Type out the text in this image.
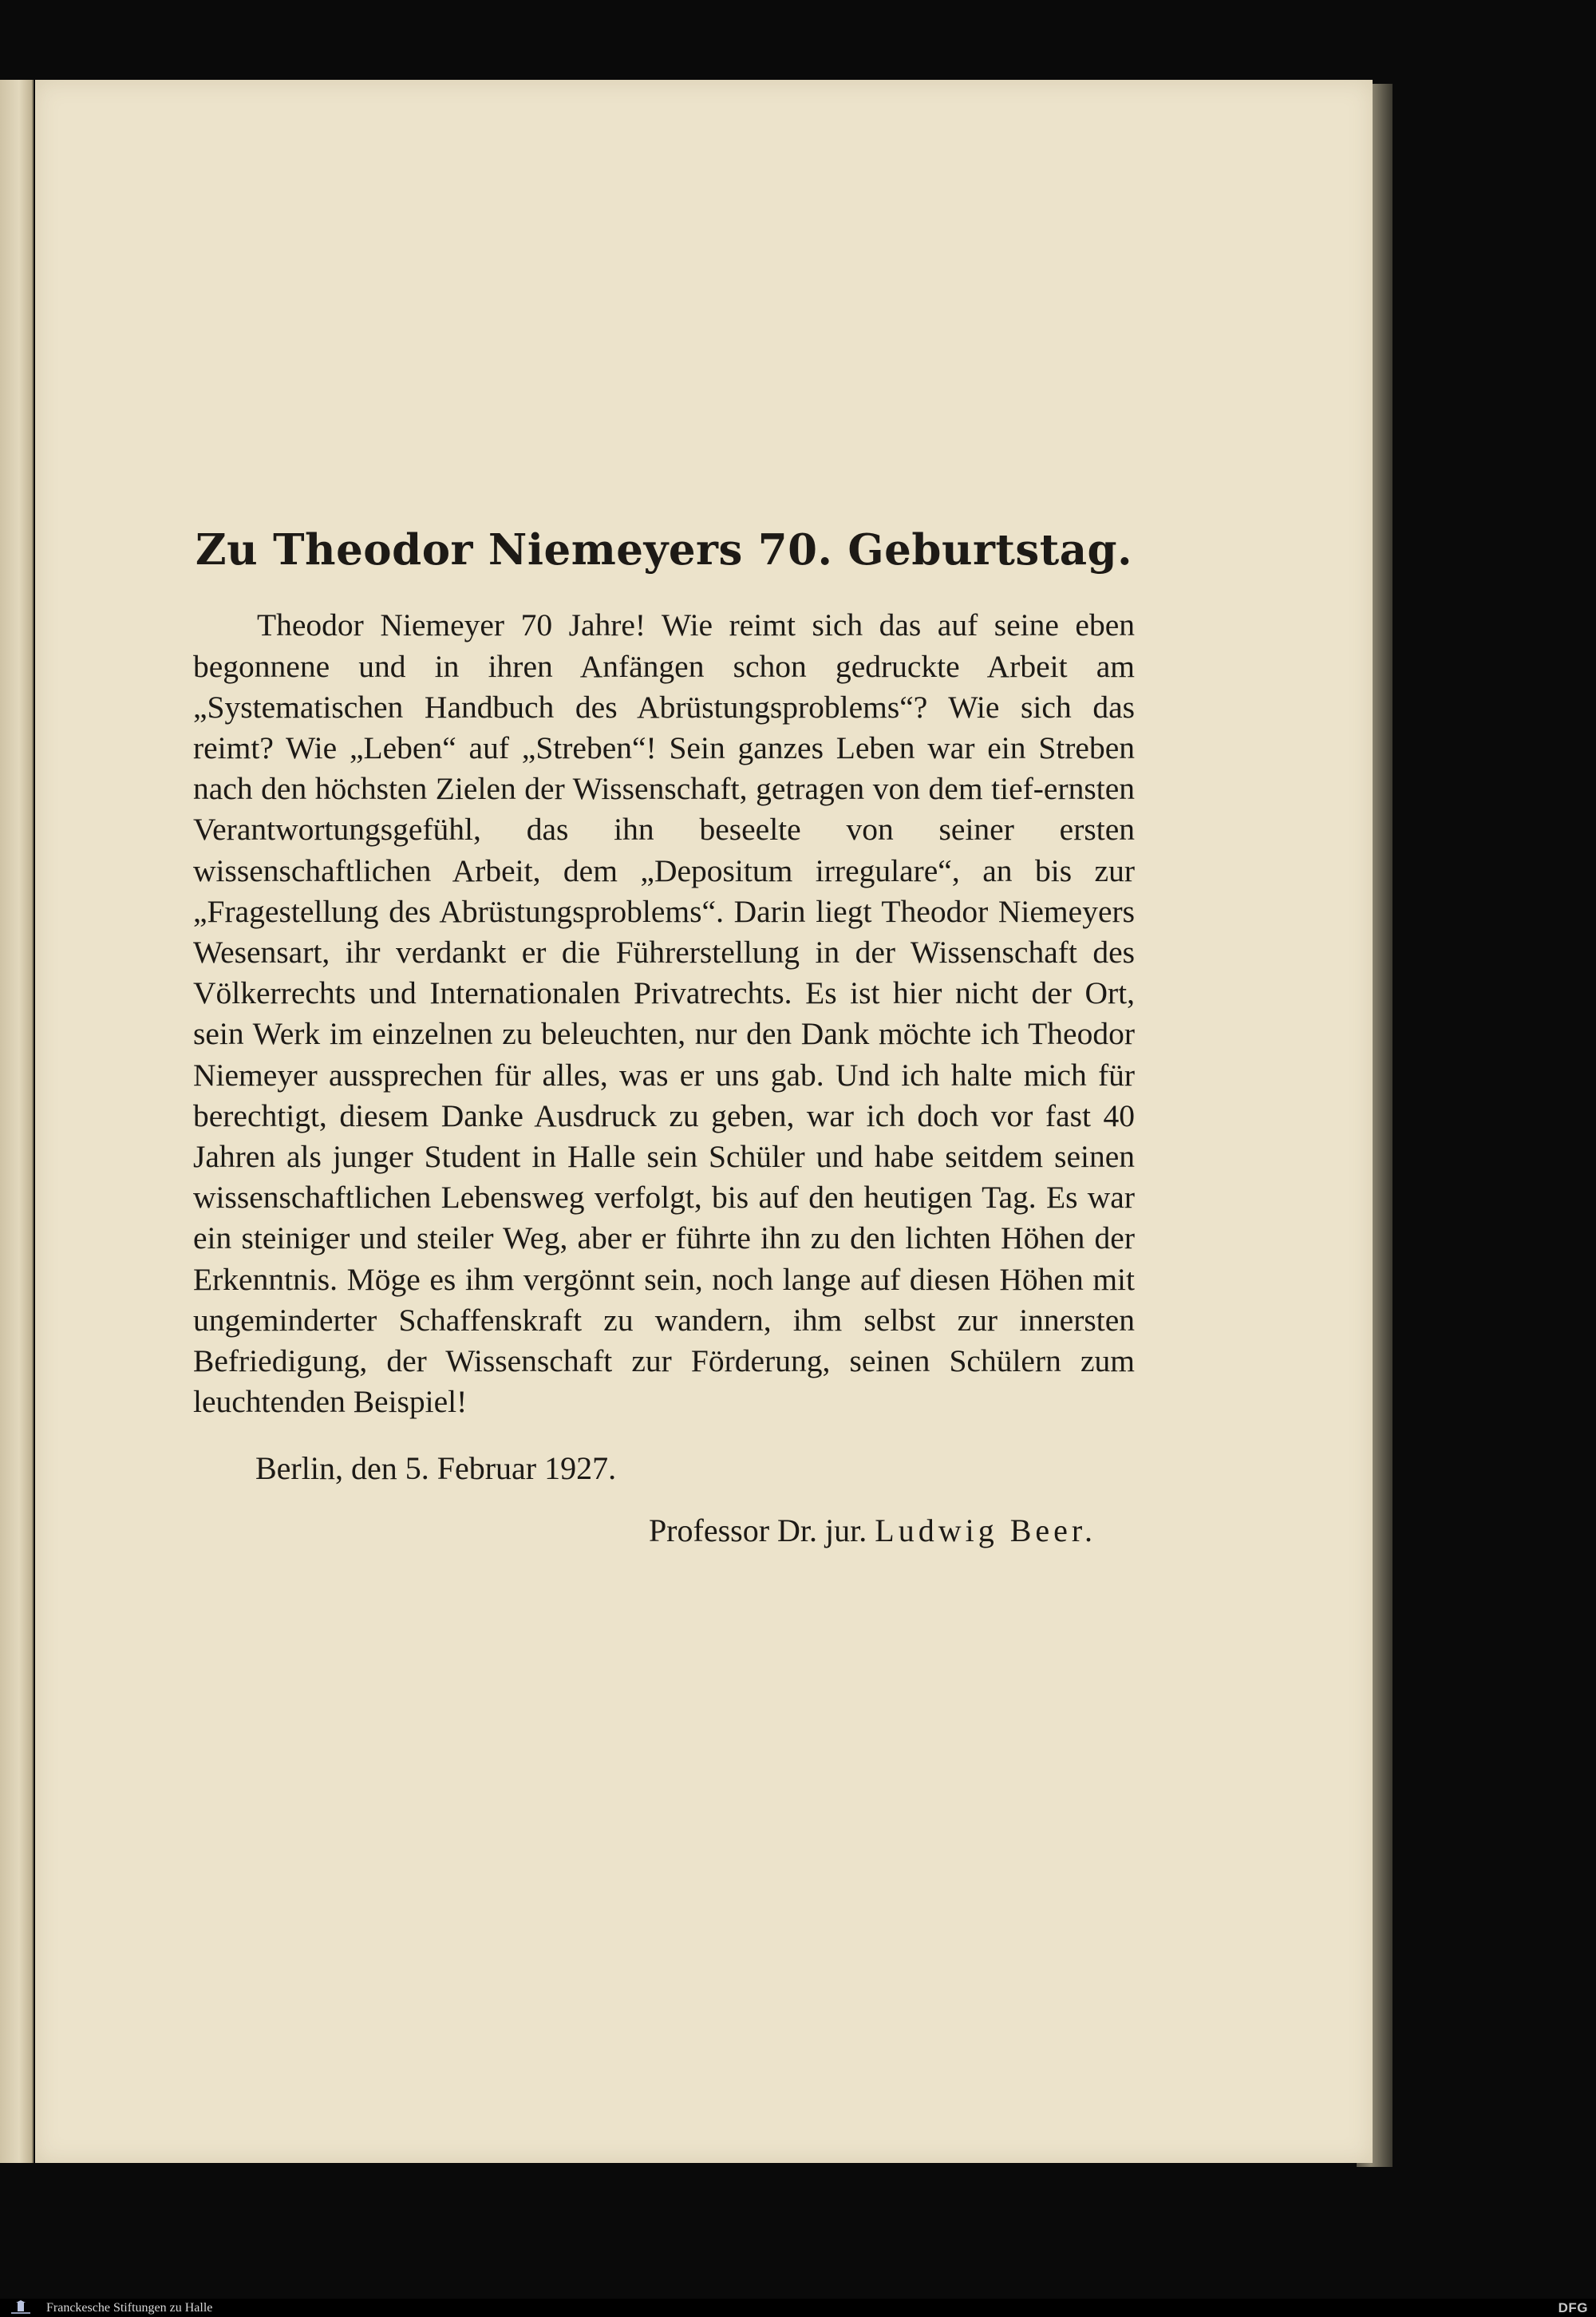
Zu Theodor Niemeyers 70. Geburtstag.

Theodor Niemeyer 70 Jahre! Wie reimt sich das auf seine eben begonnene und in ihren Anfängen schon gedruckte Arbeit am „Systematischen Handbuch des Abrüstungsproblems“? Wie sich das reimt? Wie „Leben“ auf „Streben“! Sein ganzes Leben war ein Streben nach den höchsten Zielen der Wissenschaft, getragen von dem tief-ernsten Verantwortungsgefühl, das ihn beseelte von seiner ersten wissenschaftlichen Arbeit, dem „Depositum irregulare“, an bis zur „Fragestellung des Abrüstungsproblems“. Darin liegt Theodor Niemeyers Wesensart, ihr verdankt er die Führerstellung in der Wissenschaft des Völkerrechts und Internationalen Privatrechts. Es ist hier nicht der Ort, sein Werk im einzelnen zu beleuchten, nur den Dank möchte ich Theodor Niemeyer aussprechen für alles, was er uns gab. Und ich halte mich für berechtigt, diesem Danke Ausdruck zu geben, war ich doch vor fast 40 Jahren als junger Student in Halle sein Schüler und habe seitdem seinen wissenschaftlichen Lebensweg verfolgt, bis auf den heutigen Tag. Es war ein steiniger und steiler Weg, aber er führte ihn zu den lichten Höhen der Erkenntnis. Möge es ihm vergönnt sein, noch lange auf diesen Höhen mit ungeminderter Schaffenskraft zu wandern, ihm selbst zur innersten Befriedigung, der Wissenschaft zur Förderung, seinen Schülern zum leuchtenden Beispiel!

Berlin, den 5. Februar 1927.

Professor Dr. jur. Ludwig Beer.

Franckesche Stiftungen zu Halle	DFG
